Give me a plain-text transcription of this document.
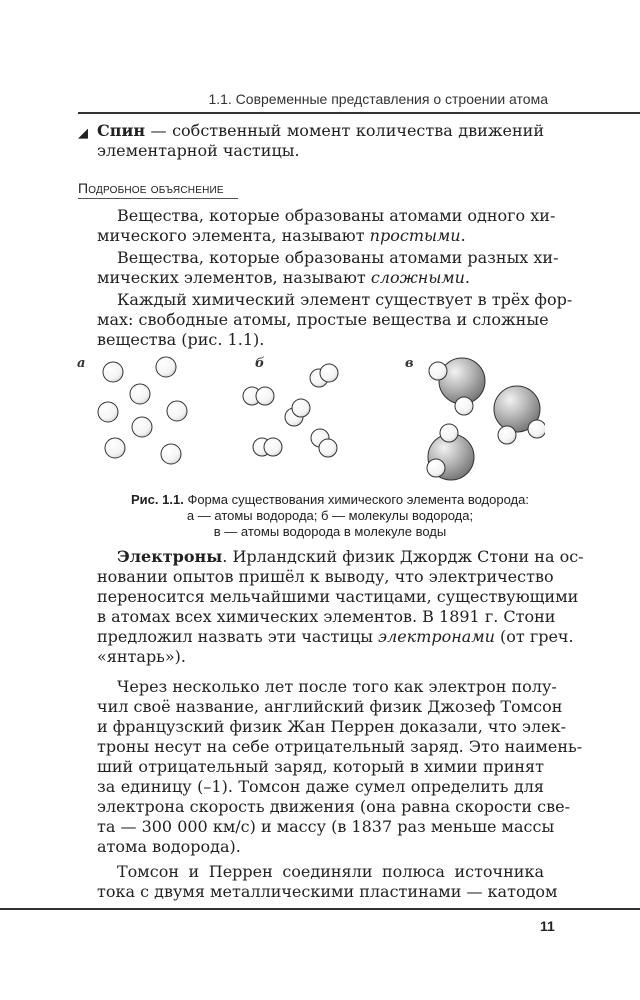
1.1. Современные представления о строении атома
◢ Спин — собственный момент количества движений
элементарной частицы.
Подробное объяснение
Вещества, которые образованы атомами одного хи-
мического элемента, называют простыми.
Вещества, которые образованы атомами разных хи-
мических элементов, называют сложными.
Каждый химический элемент существует в трёх фор-
мах: свободные атомы, простые вещества и сложные
вещества (рис. 1.1).
а	б	в
Рис. 1.1. Форма существования химического элемента водорода:
а — атомы водорода; б — молекулы водорода;
в — атомы водорода в молекуле воды
Электроны. Ирландский физик Джордж Стони на ос-
новании опытов пришёл к выводу, что электричество
переносится мельчайшими частицами, существующими
в атомах всех химических элементов. В 1891 г. Стони
предложил назвать эти частицы электронами (от греч.
«янтарь»).
Через несколько лет после того как электрон полу-
чил своё название, английский физик Джозеф Томсон
и французский физик Жан Перрен доказали, что элек-
троны несут на себе отрицательный заряд. Это наимень-
ший отрицательный заряд, который в химии принят
за единицу (–1). Томсон даже сумел определить для
электрона скорость движения (она равна скорости све-
та — 300 000 км/с) и массу (в 1837 раз меньше массы
атома водорода).
Томсон и Перрен соединяли полюса источника
тока с двумя металлическими пластинами — катодом
11
